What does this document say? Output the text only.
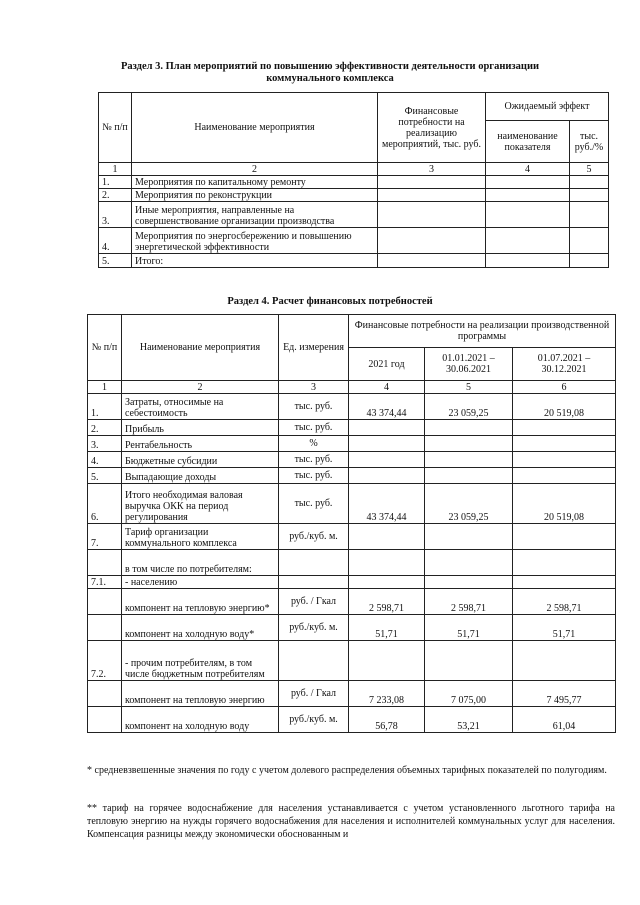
Раздел 3. План мероприятий по повышению эффективности деятельности организации
коммунального комплекса
№ п/п	Наименование мероприятия	Финансовые потребности на реализацию мероприятий, тыс. руб.	Ожидаемый эффект	
			наименование показателя	тыс. руб./%
1	2	3	4	5
1.	Мероприятия по капитальному ремонту			
2.	Мероприятия по реконструкции			
3.	Иные мероприятия, направленные на совершенствование организации производства			
4.	Мероприятия по энергосбережению и повышению энергетической эффективности			
5.	Итого:			
Раздел 4. Расчет финансовых потребностей
№ п/п	Наименование мероприятия	Ед. измерения	Финансовые потребности на реализации производственной программы		
			2021 год	01.01.2021 – 30.06.2021	01.07.2021 – 30.12.2021
1	2	3	4	5	6
1.	Затраты, относимые на себестоимость	тыс. руб.	43 374,44	23 059,25	20 519,08
2.	Прибыль	тыс. руб.			
3.	Рентабельность	%			
4.	Бюджетные субсидии	тыс. руб.			
5.	Выпадающие доходы	тыс. руб.			
6.	Итого необходимая валовая выручка ОКК на период регулирования	тыс. руб.	43 374,44	23 059,25	20 519,08
7.	Тариф организации коммунального комплекса	руб./куб. м.			
	в том числе по потребителям:				
7.1.	- населению				
	компонент на тепловую энергию*	руб. / Гкал	2 598,71	2 598,71	2 598,71
	компонент на холодную воду*	руб./куб. м.	51,71	51,71	51,71
7.2.	- прочим потребителям, в том числе бюджетным потребителям				
	компонент на тепловую энергию	руб. / Гкал	7 233,08	7 075,00	7 495,77
	компонент на холодную воду	руб./куб. м.	56,78	53,21	61,04
* средневзвешенные значения по году с учетом долевого распределения объемных тарифных показателей по полугодиям.
** тариф на горячее водоснабжение для населения устанавливается с учетом установленного льготного тарифа на тепловую энергию на нужды горячего водоснабжения для населения и исполнителей коммунальных услуг для населения. Компенсация разницы между экономически обоснованным и
